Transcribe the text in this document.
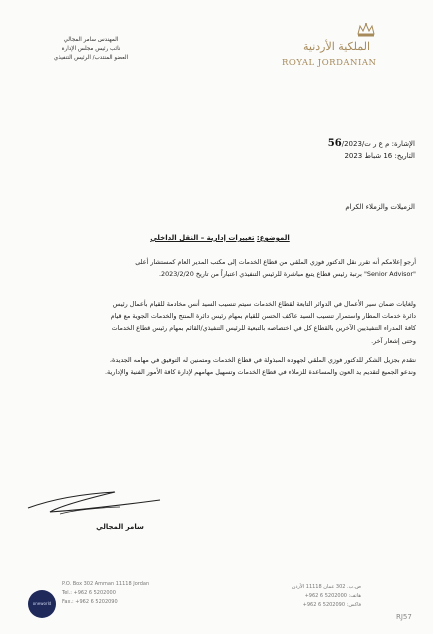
الملكية الأردنية
ROYAL JORDANIAN
المهندس سامر المجالي
نائب رئيس مجلس الإدارة
العضو المنتدب/ الرئيس التنفيذي
الإشارة: م ع ر ت/56/2023
التاريخ: 16 شباط 2023
الزميلات والزملاء الكرام
الموضوع: تغييرات إدارية – النقل الداخلي
أرجو إعلامكم أنه تقرر نقل الدكتور فوزي الملقي من قطاع الخدمات إلى مكتب المدير العام كمستشار أعلى
"Senior Advisor" برتبة رئيس قطاع يتبع مباشرة للرئيس التنفيذي اعتباراً من تاريخ 2023/2/20.
ولغايات ضمان سير الأعمال في الدوائر التابعة لقطاع الخدمات سيتم تنسيب السيد أنس مخادمة للقيام بأعمال رئيس
دائرة خدمات المطار واستمرار تنسيب السيد عاكف الحسن للقيام بمهام رئيس دائرة المنتج والخدمات الجوية مع قيام
كافة المدراء التنفيذيين الآخرين بالقطاع كل في اختصاصه بالتبعية للرئيس التنفيذي/القائم بمهام رئيس قطاع الخدمات
وحتى إشعار آخر.
نتقدم بجزيل الشكر للدكتور فوزي الملقي لجهوده المبذولة في قطاع الخدمات ومتمنين له التوفيق في مهامه الجديدة،
وندعو الجميع لتقديم يد العون والمساعدة للزملاء في قطاع الخدمات وتسهيل مهامهم لإدارة كافة الأمور الفنية والإدارية.
سامر المجالي
oneworld
P.O. Box 302 Amman 11118 Jordan
Tel.: +962 6 5202000
Fax.: +962 6 5202090
ص.ب. 302 عمان 11118 الأردن
هاتف: 5202000 6 962+
فاكس: 5202090 6 962+
RJ57
